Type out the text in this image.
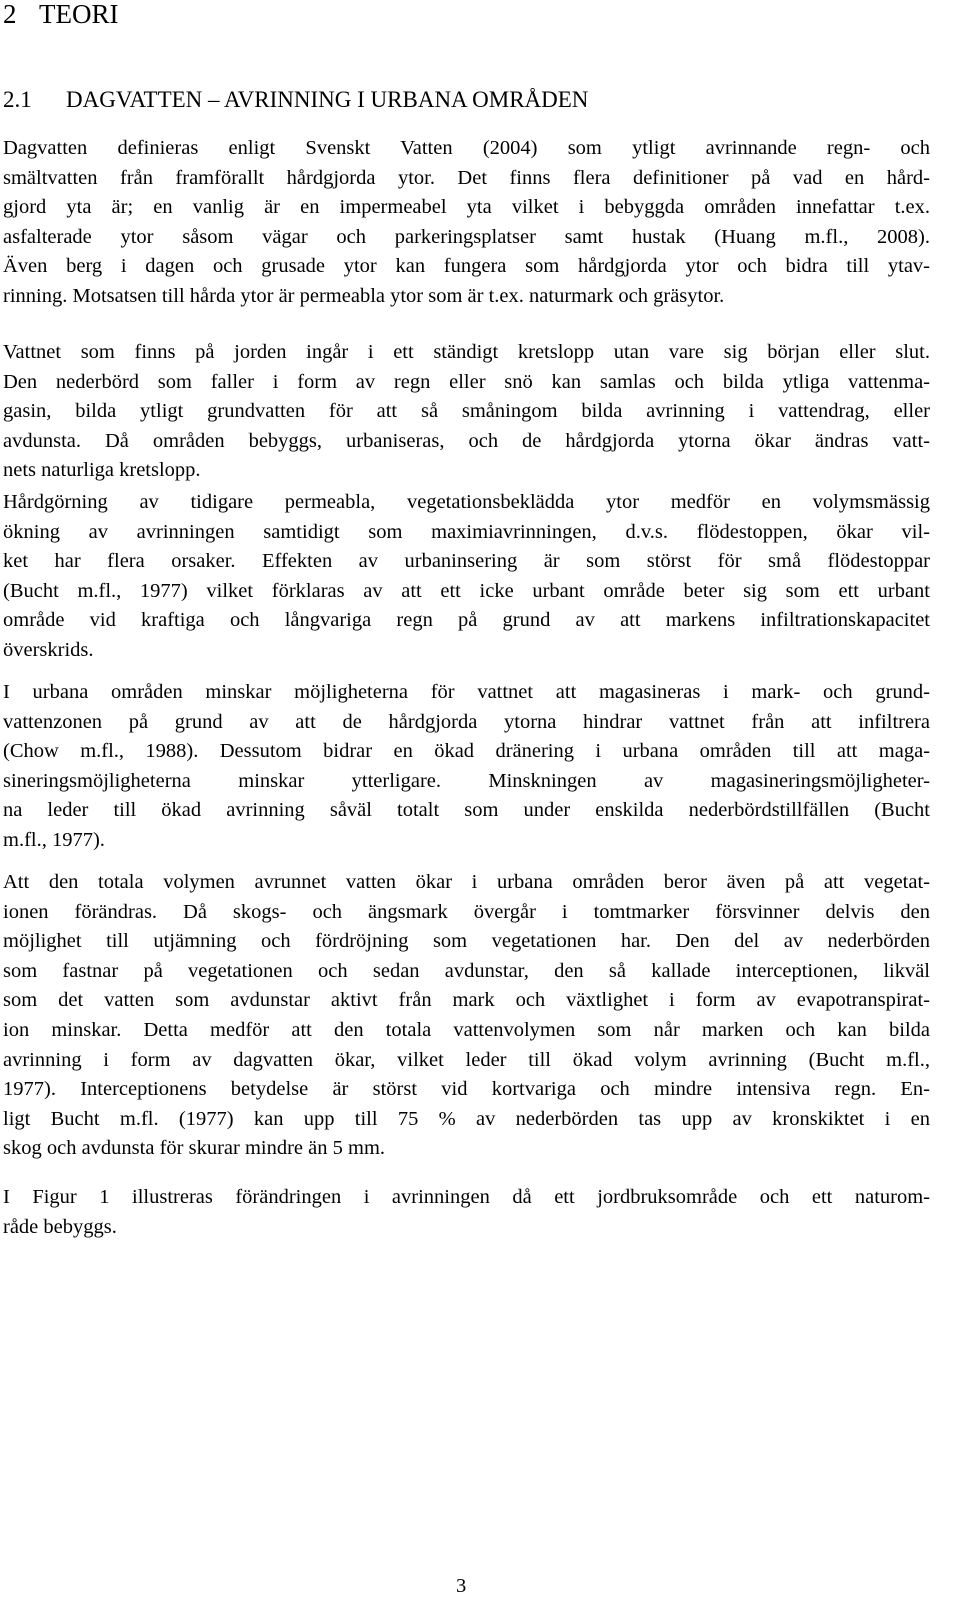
2 TEORI
2.1 DAGVATTEN – AVRINNING I URBANA OMRÅDEN
Dagvatten definieras enligt Svenskt Vatten (2004) som ytligt avrinnande regn- och
smältvatten från framförallt hårdgjorda ytor. Det finns flera definitioner på vad en hård-
gjord yta är; en vanlig är en impermeabel yta vilket i bebyggda områden innefattar t.ex.
asfalterade ytor såsom vägar och parkeringsplatser samt hustak (Huang m.fl., 2008).
Även berg i dagen och grusade ytor kan fungera som hårdgjorda ytor och bidra till ytav-
rinning. Motsatsen till hårda ytor är permeabla ytor som är t.ex. naturmark och gräsytor.
Vattnet som finns på jorden ingår i ett ständigt kretslopp utan vare sig början eller slut.
Den nederbörd som faller i form av regn eller snö kan samlas och bilda ytliga vattenma-
gasin, bilda ytligt grundvatten för att så småningom bilda avrinning i vattendrag, eller
avdunsta. Då områden bebyggs, urbaniseras, och de hårdgjorda ytorna ökar ändras vatt-
nets naturliga kretslopp.
Hårdgörning av tidigare permeabla, vegetationsbeklädda ytor medför en volymsmässig
ökning av avrinningen samtidigt som maximiavrinningen, d.v.s. flödestoppen, ökar vil-
ket har flera orsaker. Effekten av urbaninsering är som störst för små flödestoppar
(Bucht m.fl., 1977) vilket förklaras av att ett icke urbant område beter sig som ett urbant
område vid kraftiga och långvariga regn på grund av att markens infiltrationskapacitet
överskrids.
I urbana områden minskar möjligheterna för vattnet att magasineras i mark- och grund-
vattenzonen på grund av att de hårdgjorda ytorna hindrar vattnet från att infiltrera
(Chow m.fl., 1988). Dessutom bidrar en ökad dränering i urbana områden till att maga-
sineringsmöjligheterna minskar ytterligare. Minskningen av magasineringsmöjligheter-
na leder till ökad avrinning såväl totalt som under enskilda nederbördstillfällen (Bucht
m.fl., 1977).
Att den totala volymen avrunnet vatten ökar i urbana områden beror även på att vegetat-
ionen förändras. Då skogs- och ängsmark övergår i tomtmarker försvinner delvis den
möjlighet till utjämning och fördröjning som vegetationen har. Den del av nederbörden
som fastnar på vegetationen och sedan avdunstar, den så kallade interceptionen, likväl
som det vatten som avdunstar aktivt från mark och växtlighet i form av evapotranspirat-
ion minskar. Detta medför att den totala vattenvolymen som når marken och kan bilda
avrinning i form av dagvatten ökar, vilket leder till ökad volym avrinning (Bucht m.fl.,
1977). Interceptionens betydelse är störst vid kortvariga och mindre intensiva regn. En-
ligt Bucht m.fl. (1977) kan upp till 75 % av nederbörden tas upp av kronskiktet i en
skog och avdunsta för skurar mindre än 5 mm.
I Figur 1 illustreras förändringen i avrinningen då ett jordbruksområde och ett naturom-
råde bebyggs.
3
